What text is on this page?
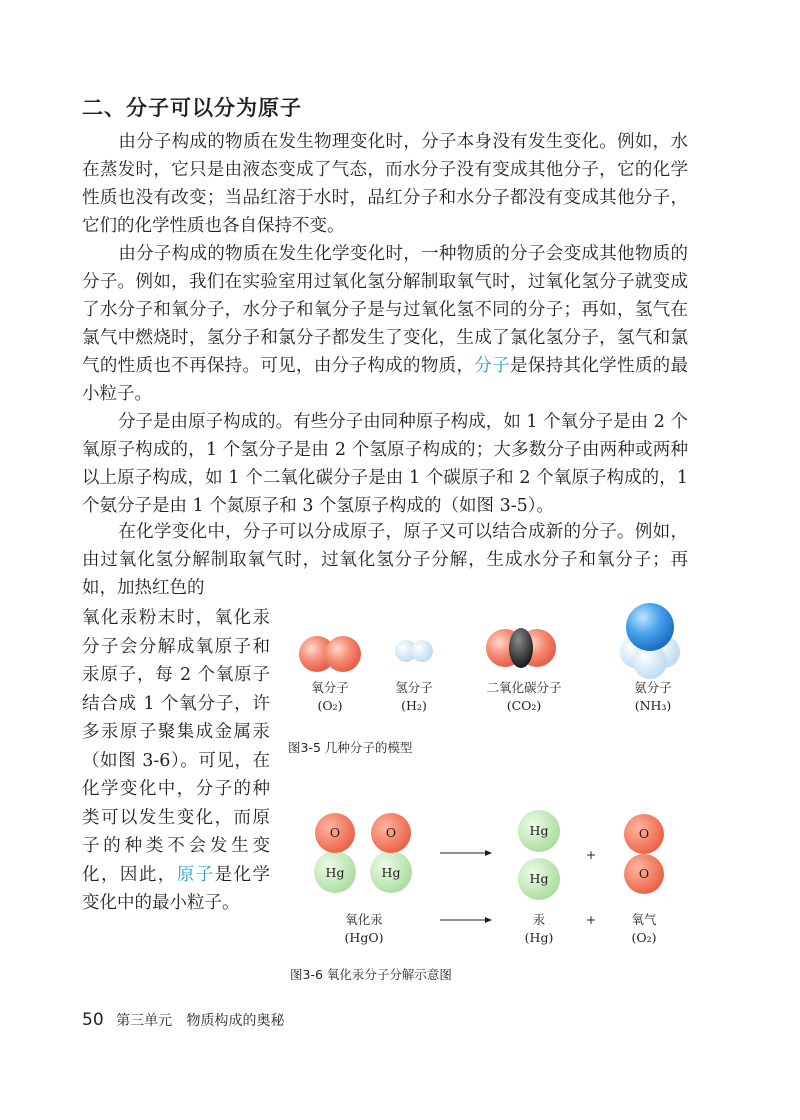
二、分子可以分为原子

由分子构成的物质在发生物理变化时，分子本身没有发生变化。例如，水在蒸发时，它只是由液态变成了气态，而水分子没有变成其他分子，它的化学性质也没有改变；当品红溶于水时，品红分子和水分子都没有变成其他分子，它们的化学性质也各自保持不变。

由分子构成的物质在发生化学变化时，一种物质的分子会变成其他物质的分子。例如，我们在实验室用过氧化氢分解制取氧气时，过氧化氢分子就变成了水分子和氧分子，水分子和氧分子是与过氧化氢不同的分子；再如，氢气在氯气中燃烧时，氢分子和氯分子都发生了变化，生成了氯化氢分子，氢气和氯气的性质也不再保持。可见，由分子构成的物质，分子是保持其化学性质的最小粒子。

分子是由原子构成的。有些分子由同种原子构成，如 1 个氧分子是由 2 个氧原子构成的，1 个氢分子是由 2 个氢原子构成的；大多数分子由两种或两种以上原子构成，如 1 个二氧化碳分子是由 1 个碳原子和 2 个氧原子构成的，1 个氨分子是由 1 个氮原子和 3 个氢原子构成的（如图 3-5）。

在化学变化中，分子可以分成原子，原子又可以结合成新的分子。例如，由过氧化氢分解制取氧气时，过氧化氢分子分解，生成水分子和氧分子；再如，加热红色的

氧化汞粉末时，氧化汞分子会分解成氧原子和汞原子，每 2 个氧原子结合成 1 个氧分子，许多汞原子聚集成金属汞（如图 3-6）。可见，在化学变化中，分子的种类可以发生变化，而原子的种类不会发生变化，因此，原子是化学变化中的最小粒子。

氧分子
(O₂)
氢分子
(H₂)
二氧化碳分子
(CO₂)
氨分子
(NH₃)
图3-5 几种分子的模型
O
Hg
O
Hg
Hg
Hg
+
O
O
氧化汞
(HgO)
汞
(Hg)
+	氧气
(O₂)
图3-6 氧化汞分子分解示意图
50 第三单元 物质构成的奥秘
